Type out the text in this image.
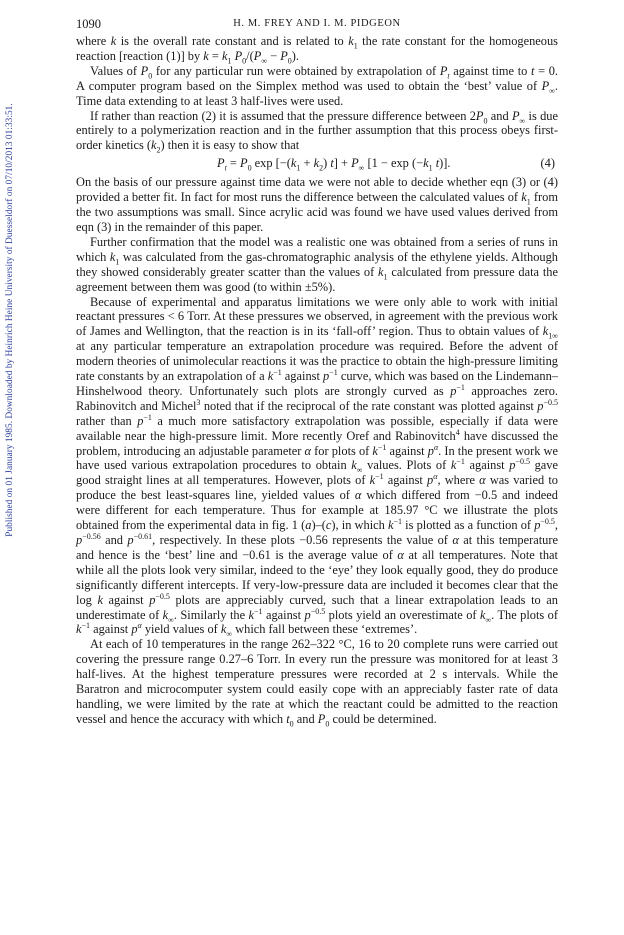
Published on 01 January 1985. Downloaded by Heinrich Heine University of Duesseldorf on 07/10/2013 01:33:51.
1090	H. M. FREY AND I. M. PIDGEON

where k is the overall rate constant and is related to $k_1$ the rate constant for the homogeneous reaction [reaction (1)] by $k = k_1$ $P_0/(P_\infty - P_0)$.

Values of $P_0$ for any particular run were obtained by extrapolation of $P_t$ against time to t = 0. A computer program based on the Simplex method was used to obtain the ‘best’ value of $P_\infty$. Time data extending to at least 3 half-lives were used.

If rather than reaction (2) it is assumed that the pressure difference between $2P_0$ and $P_\infty$ is due entirely to a polymerization reaction and in the further assumption that this process obeys first-order kinetics $(k_2)$ then it is easy to show that

$P_t = P_0$ $\exp [-(k_1 + k_2) t] + P_\infty$ [$1 - \exp (-k_1$ t)].	(4)

On the basis of our pressure against time data we were not able to decide whether eqn (3) or (4) provided a better fit. In fact for most runs the difference between the calculated values of $k_1$ from the two assumptions was small. Since acrylic acid was found we have used values derived from eqn (3) in the remainder of this paper.

Further confirmation that the model was a realistic one was obtained from a series of runs in which $k_1$ was calculated from the gas-chromatographic analysis of the ethylene yields. Although they showed considerably greater scatter than the values of $k_1$ calculated from pressure data the agreement between them was good (to within ±5%).

Because of experimental and apparatus limitations we were only able to work with initial reactant pressures < 6 Torr. At these pressures we observed, in agreement with the previous work of James and Wellington, that the reaction is in its ‘fall-off’ region. Thus to obtain values of $k_{1\infty}$ at any particular temperature an extrapolation procedure was required. Before the advent of modern theories of unimolecular reactions it was the practice to obtain the high-pressure limiting rate constants by an extrapolation of a $k^{-1}$ against $p^{-1}$ curve, which was based on the Lindemann–Hinshelwood theory. Unfortunately such plots are strongly curved as $p^{-1}$ approaches zero. Rabinovitch and Michel$^3$ noted that if the reciprocal of the rate constant was plotted against $p^{-0.5}$ rather than $p^{-1}$ a much more satisfactory extrapolation was possible, especially if data were available near the high-pressure limit. More recently Oref and Rabinovitch$^4$ have discussed the problem, introducing an adjustable parameter α for plots of $k^{-1}$ against $p^\alpha$. In the present work we have used various extrapolation procedures to obtain $k_\infty$ values. Plots of $k^{-1}$ against $p^{-0.5}$ gave good straight lines at all temperatures. However, plots of $k^{-1}$ against $p^\alpha$, where α was varied to produce the best least-squares line, yielded values of α which differed from −0.5 and indeed were different for each temperature. Thus for example at 185.97 °C we illustrate the plots obtained from the experimental data in fig. 1 (a)–(c), in which $k^{-1}$ is plotted as a function of $p^{-0.5}$, $p^{-0.56}$ and $p^{-0.61}$, respectively. In these plots −0.56 represents the value of α at this temperature and hence is the ‘best’ line and −0.61 is the average value of α at all temperatures. Note that while all the plots look very similar, indeed to the ‘eye’ they look equally good, they do produce significantly different intercepts. If very-low-pressure data are included it becomes clear that the log k against $p^{-0.5}$ plots are appreciably curved, such that a linear extrapolation leads to an underestimate of $k_\infty$. Similarly the $k^{-1}$ against $p^{-0.5}$ plots yield an overestimate of $k_\infty$. The plots of $k^{-1}$ against $p^\alpha$ yield values of $k_\infty$ which fall between these ‘extremes’.

At each of 10 temperatures in the range 262–322 °C, 16 to 20 complete runs were carried out covering the pressure range 0.27–6 Torr. In every run the pressure was monitored for at least 3 half-lives. At the highest temperature pressures were recorded at 2 s intervals. While the Baratron and microcomputer system could easily cope with an appreciably faster rate of data handling, we were limited by the rate at which the reactant could be admitted to the reaction vessel and hence the accuracy with which $t_0$ and $P_0$ could be determined.
